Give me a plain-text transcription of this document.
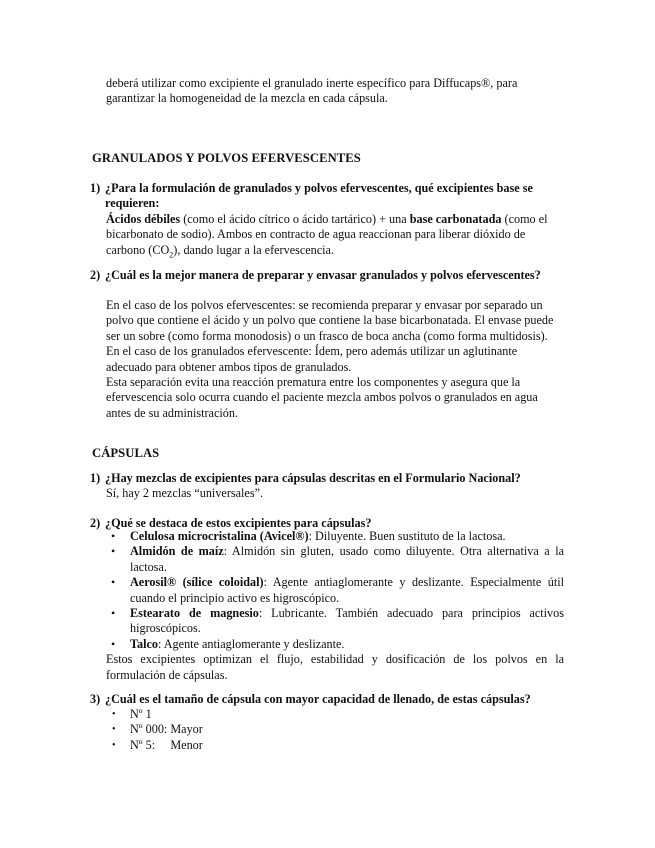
deberá utilizar como excipiente el granulado inerte específico para Diffucaps®, para garantizar la homogeneidad de la mezcla en cada cápsula.
GRANULADOS Y POLVOS EFERVESCENTES
1) ¿Para la formulación de granulados y polvos efervescentes, qué excipientes base se requieren:

Ácidos débiles (como el ácido cítrico o ácido tartárico) + una base carbonatada (como el bicarbonato de sodio). Ambos en contracto de agua reaccionan para liberar dióxido de carbono $(CO_2)$, dando lugar a la efervescencia.

2) ¿Cuál es la mejor manera de preparar y envasar granulados y polvos efervescentes?

En el caso de los polvos efervescentes: se recomienda preparar y envasar por separado un polvo que contiene el ácido y un polvo que contiene la base bicarbonatada. El envase puede ser un sobre (como forma monodosis) o un frasco de boca ancha (como forma multidosis).

En el caso de los granulados efervescente: Ídem, pero además utilizar un aglutinante adecuado para obtener ambos tipos de granulados.

Esta separación evita una reacción prematura entre los componentes y asegura que la efervescencia solo ocurra cuando el paciente mezcla ambos polvos o granulados en agua antes de su administración.

CÁPSULAS
1) ¿Hay mezclas de excipientes para cápsulas descritas en el Formulario Nacional?
Sí, hay 2 mezclas “universales”.
2) ¿Qué se destaca de estos excipientes para cápsulas?
• Celulosa microcristalina (Avicel®): Diluyente. Buen sustituto de la lactosa.
• Almidón de maíz: Almidón sin gluten, usado como diluyente. Otra alternativa a la lactosa.
• Aerosil® (sílice coloidal): Agente antiaglomerante y deslizante. Especialmente útil cuando el principio activo es higroscópico.
• Estearato de magnesio: Lubricante. También adecuado para principios activos higroscópicos.
• Talco: Agente antiaglomerante y deslizante.

Estos excipientes optimizan el flujo, estabilidad y dosificación de los polvos en la formulación de cápsulas.

3) ¿Cuál es el tamaño de cápsula con mayor capacidad de llenado, de estas cápsulas?
• Nº 1
• Nº 000: Mayor
• Nº 5:     Menor
